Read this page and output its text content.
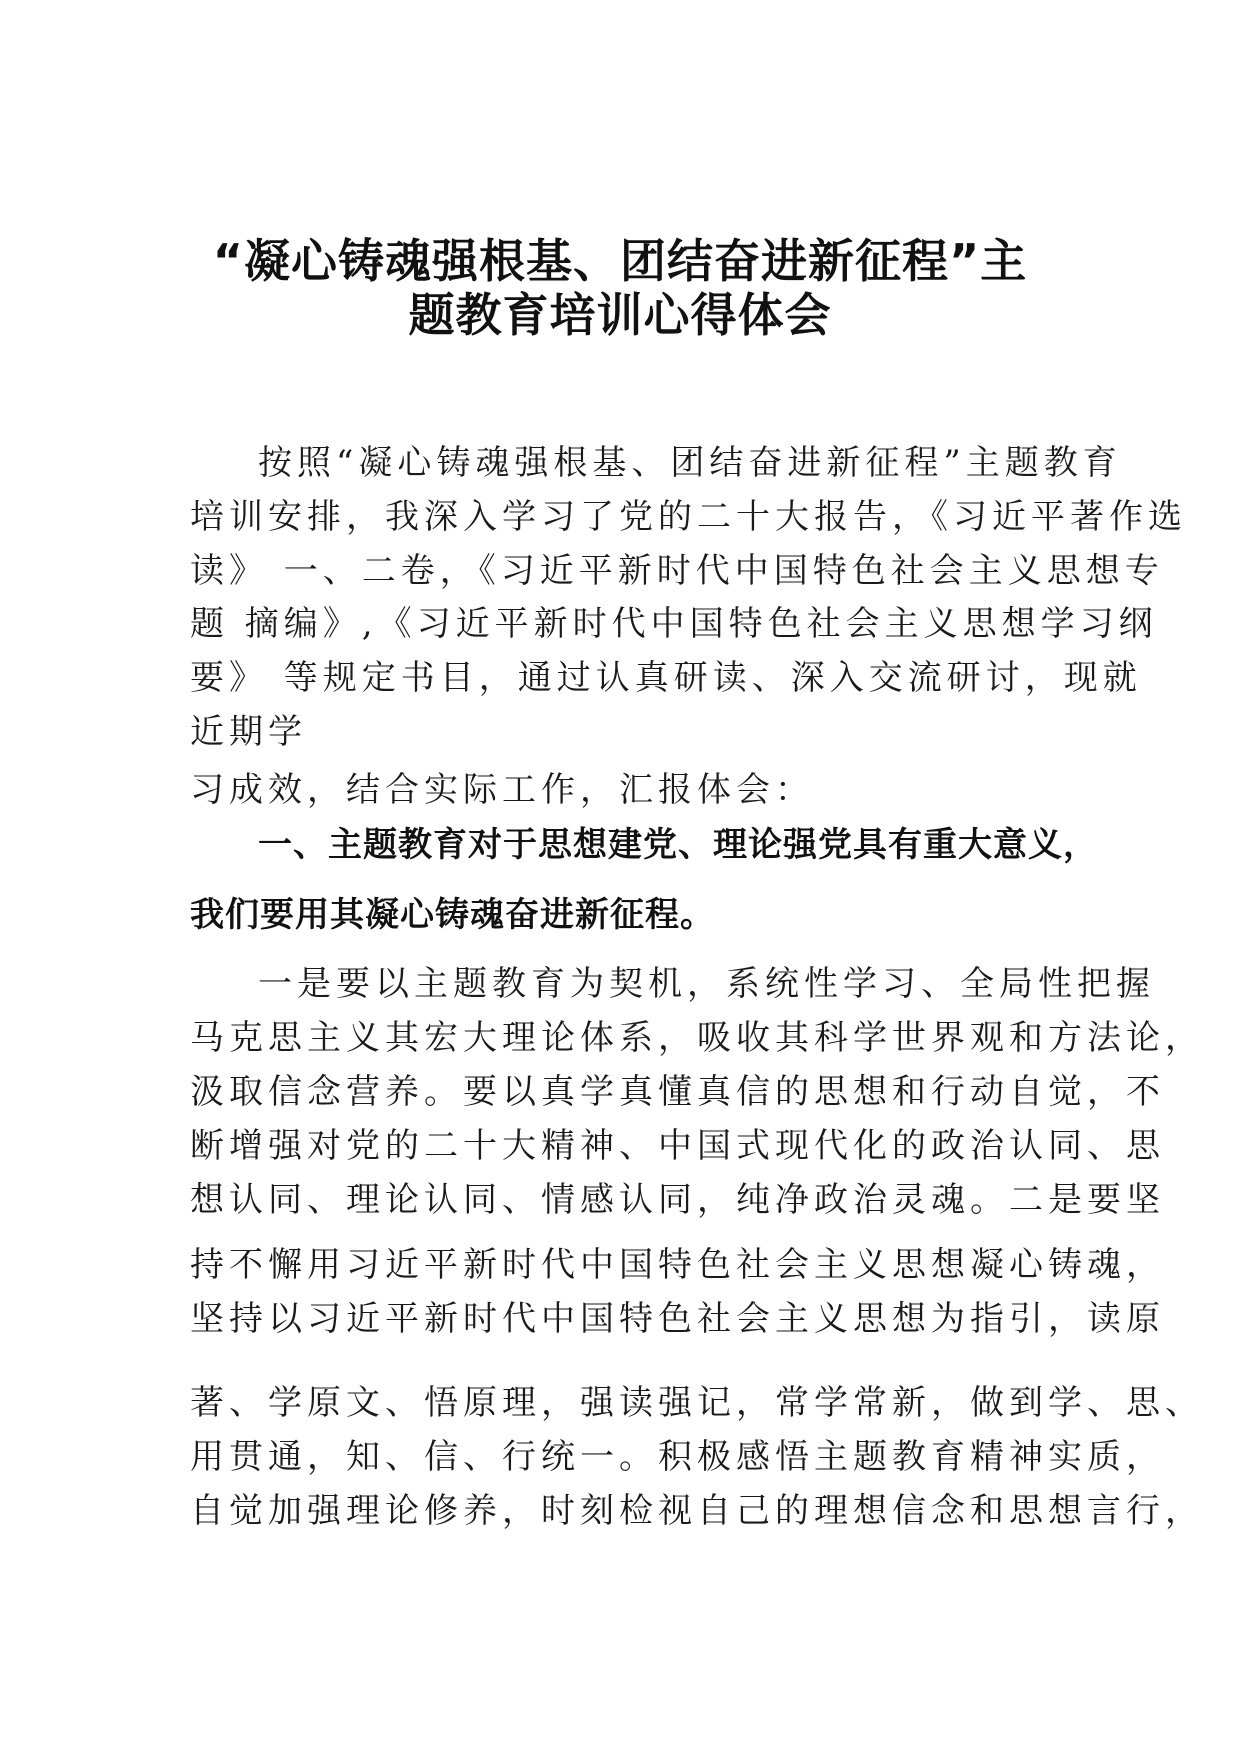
“凝心铸魂强根基、团结奋进新征程”主
题教育培训心得体会
按照“凝心铸魂强根基、团结奋进新征程”主题教育
培训安排，我深入学习了党的二十大报告，《习近平著作选
读》 一、二卷，《习近平新时代中国特色社会主义思想专
题 摘编》,《习近平新时代中国特色社会主义思想学习纲
要》 等规定书目，通过认真研读、深入交流研讨，现就
近期学
习成效，结合实际工作，汇报体会：
一、主题教育对于思想建党、理论强党具有重大意义，
我们要用其凝心铸魂奋进新征程。
一是要以主题教育为契机，系统性学习、全局性把握
马克思主义其宏大理论体系，吸收其科学世界观和方法论，
汲取信念营养。要以真学真懂真信的思想和行动自觉，不
断增强对党的二十大精神、中国式现代化的政治认同、思
想认同、理论认同、情感认同，纯净政治灵魂。二是要坚
持不懈用习近平新时代中国特色社会主义思想凝心铸魂，
坚持以习近平新时代中国特色社会主义思想为指引，读原
著、学原文、悟原理，强读强记，常学常新，做到学、思、
用贯通，知、信、行统一。积极感悟主题教育精神实质，
自觉加强理论修养，时刻检视自己的理想信念和思想言行，
